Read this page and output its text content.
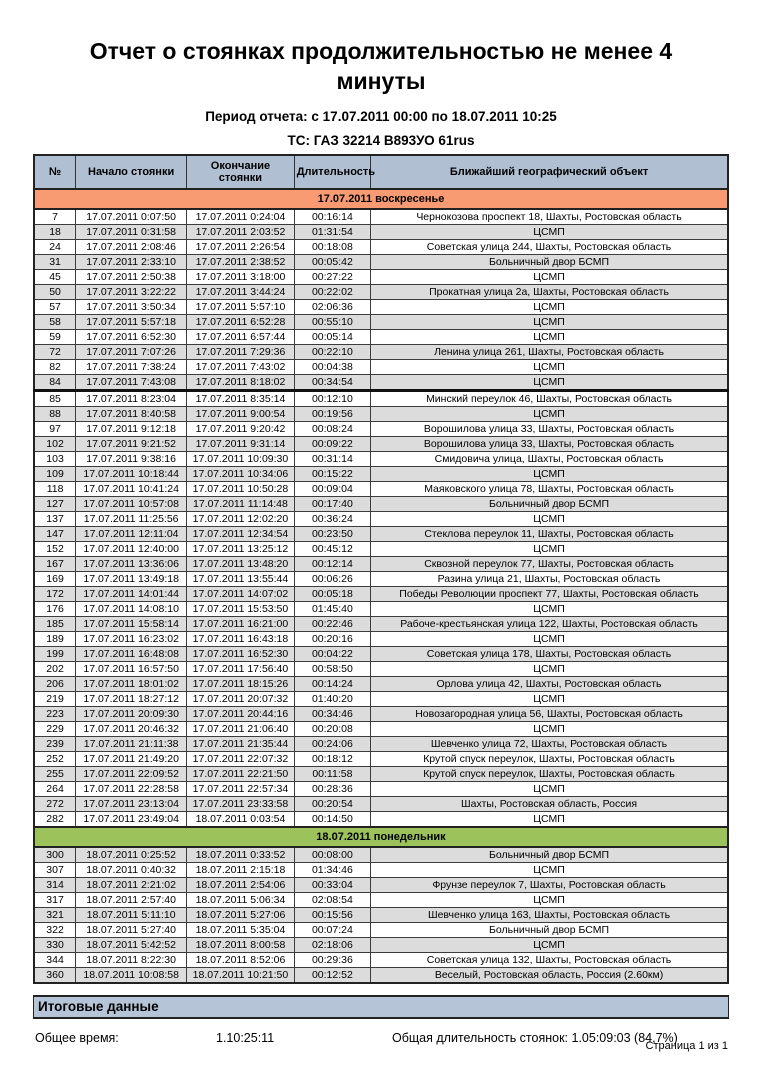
Отчет о стоянках продолжительностью не менее 4 минуты
Период отчета: с 17.07.2011 00:00 по 18.07.2011 10:25
ТС: ГАЗ 32214 В893УО 61rus
№	Начало стоянки	Окончание стоянки	Длительность	Ближайший географический объект
17.07.2011 воскресенье				
7	17.07.2011 0:07:50	17.07.2011 0:24:04	00:16:14	Чернокозова проспект 18, Шахты, Ростовская область
18	17.07.2011 0:31:58	17.07.2011 2:03:52	01:31:54	ЦСМП
24	17.07.2011 2:08:46	17.07.2011 2:26:54	00:18:08	Советская улица 244, Шахты, Ростовская область
31	17.07.2011 2:33:10	17.07.2011 2:38:52	00:05:42	Больничный двор БСМП
45	17.07.2011 2:50:38	17.07.2011 3:18:00	00:27:22	ЦСМП
50	17.07.2011 3:22:22	17.07.2011 3:44:24	00:22:02	Прокатная улица 2а, Шахты, Ростовская область
57	17.07.2011 3:50:34	17.07.2011 5:57:10	02:06:36	ЦСМП
58	17.07.2011 5:57:18	17.07.2011 6:52:28	00:55:10	ЦСМП
59	17.07.2011 6:52:30	17.07.2011 6:57:44	00:05:14	ЦСМП
72	17.07.2011 7:07:26	17.07.2011 7:29:36	00:22:10	Ленина улица 261, Шахты, Ростовская область
82	17.07.2011 7:38:24	17.07.2011 7:43:02	00:04:38	ЦСМП
84	17.07.2011 7:43:08	17.07.2011 8:18:02	00:34:54	ЦСМП
85	17.07.2011 8:23:04	17.07.2011 8:35:14	00:12:10	Минский переулок 46, Шахты, Ростовская область
88	17.07.2011 8:40:58	17.07.2011 9:00:54	00:19:56	ЦСМП
97	17.07.2011 9:12:18	17.07.2011 9:20:42	00:08:24	Ворошилова улица 33, Шахты, Ростовская область
102	17.07.2011 9:21:52	17.07.2011 9:31:14	00:09:22	Ворошилова улица 33, Шахты, Ростовская область
103	17.07.2011 9:38:16	17.07.2011 10:09:30	00:31:14	Смидовича улица, Шахты, Ростовская область
109	17.07.2011 10:18:44	17.07.2011 10:34:06	00:15:22	ЦСМП
118	17.07.2011 10:41:24	17.07.2011 10:50:28	00:09:04	Маяковского улица 78, Шахты, Ростовская область
127	17.07.2011 10:57:08	17.07.2011 11:14:48	00:17:40	Больничный двор БСМП
137	17.07.2011 11:25:56	17.07.2011 12:02:20	00:36:24	ЦСМП
147	17.07.2011 12:11:04	17.07.2011 12:34:54	00:23:50	Стеклова переулок 11, Шахты, Ростовская область
152	17.07.2011 12:40:00	17.07.2011 13:25:12	00:45:12	ЦСМП
167	17.07.2011 13:36:06	17.07.2011 13:48:20	00:12:14	Сквозной переулок 77, Шахты, Ростовская область
169	17.07.2011 13:49:18	17.07.2011 13:55:44	00:06:26	Разина улица 21, Шахты, Ростовская область
172	17.07.2011 14:01:44	17.07.2011 14:07:02	00:05:18	Победы Революции проспект 77, Шахты, Ростовская область
176	17.07.2011 14:08:10	17.07.2011 15:53:50	01:45:40	ЦСМП
185	17.07.2011 15:58:14	17.07.2011 16:21:00	00:22:46	Рабоче-крестьянская улица 122, Шахты, Ростовская область
189	17.07.2011 16:23:02	17.07.2011 16:43:18	00:20:16	ЦСМП
199	17.07.2011 16:48:08	17.07.2011 16:52:30	00:04:22	Советская улица 178, Шахты, Ростовская область
202	17.07.2011 16:57:50	17.07.2011 17:56:40	00:58:50	ЦСМП
206	17.07.2011 18:01:02	17.07.2011 18:15:26	00:14:24	Орлова улица 42, Шахты, Ростовская область
219	17.07.2011 18:27:12	17.07.2011 20:07:32	01:40:20	ЦСМП
223	17.07.2011 20:09:30	17.07.2011 20:44:16	00:34:46	Новозагородная улица 56, Шахты, Ростовская область
229	17.07.2011 20:46:32	17.07.2011 21:06:40	00:20:08	ЦСМП
239	17.07.2011 21:11:38	17.07.2011 21:35:44	00:24:06	Шевченко улица 72, Шахты, Ростовская область
252	17.07.2011 21:49:20	17.07.2011 22:07:32	00:18:12	Крутой спуск переулок, Шахты, Ростовская область
255	17.07.2011 22:09:52	17.07.2011 22:21:50	00:11:58	Крутой спуск переулок, Шахты, Ростовская область
264	17.07.2011 22:28:58	17.07.2011 22:57:34	00:28:36	ЦСМП
272	17.07.2011 23:13:04	17.07.2011 23:33:58	00:20:54	Шахты, Ростовская область, Россия
282	17.07.2011 23:49:04	18.07.2011 0:03:54	00:14:50	ЦСМП
18.07.2011 понедельник				
300	18.07.2011 0:25:52	18.07.2011 0:33:52	00:08:00	Больничный двор БСМП
307	18.07.2011 0:40:32	18.07.2011 2:15:18	01:34:46	ЦСМП
314	18.07.2011 2:21:02	18.07.2011 2:54:06	00:33:04	Фрунзе переулок 7, Шахты, Ростовская область
317	18.07.2011 2:57:40	18.07.2011 5:06:34	02:08:54	ЦСМП
321	18.07.2011 5:11:10	18.07.2011 5:27:06	00:15:56	Шевченко улица 163, Шахты, Ростовская область
322	18.07.2011 5:27:40	18.07.2011 5:35:04	00:07:24	Больничный двор БСМП
330	18.07.2011 5:42:52	18.07.2011 8:00:58	02:18:06	ЦСМП
344	18.07.2011 8:22:30	18.07.2011 8:52:06	00:29:36	Советская улица 132, Шахты, Ростовская область
360	18.07.2011 10:08:58	18.07.2011 10:21:50	00:12:52	Веселый, Ростовская область, Россия (2.60км)
Итоговые данные
Общее время:	1.10:25:11	Общая длительность стоянок: 1.05:09:03 (84,7%)
Страница 1 из 1
